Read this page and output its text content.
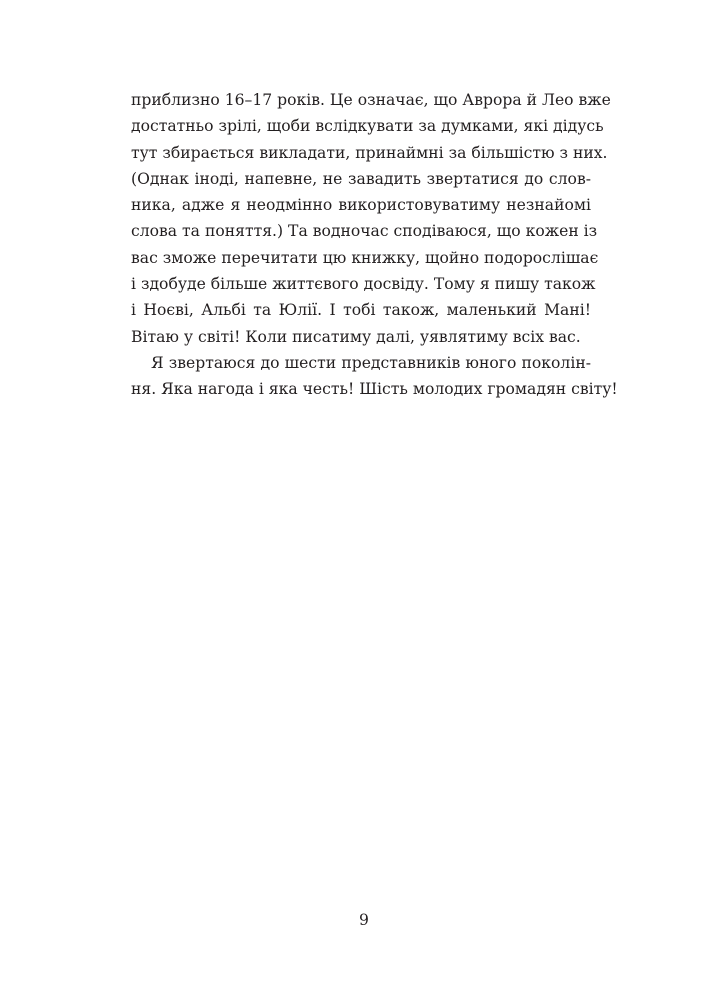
приблизно 16–17 років. Це означає, що Аврора й Лео вже
достатньо зрілі, щоби вслідкувати за думками, які дідусь
тут збирається викладати, принаймні за більшістю з них.
(Однак іноді, напевне, не завадить звертатися до слов-
ника, адже я неодмінно використовуватиму незнайомі
слова та поняття.) Та водночас сподіваюся, що кожен із
вас зможе перечитати цю книжку, щойно подорослішає
і здобуде більше життєвого досвіду. Тому я пишу також
і Ноєві, Альбі та Юлії. І тобі також, маленький Мані!
Вітаю у світі! Коли писатиму далі, уявлятиму всіх вас.
Я звертаюся до шести представників юного поколін-
ня. Яка нагода і яка честь! Шість молодих громадян світу!
9
